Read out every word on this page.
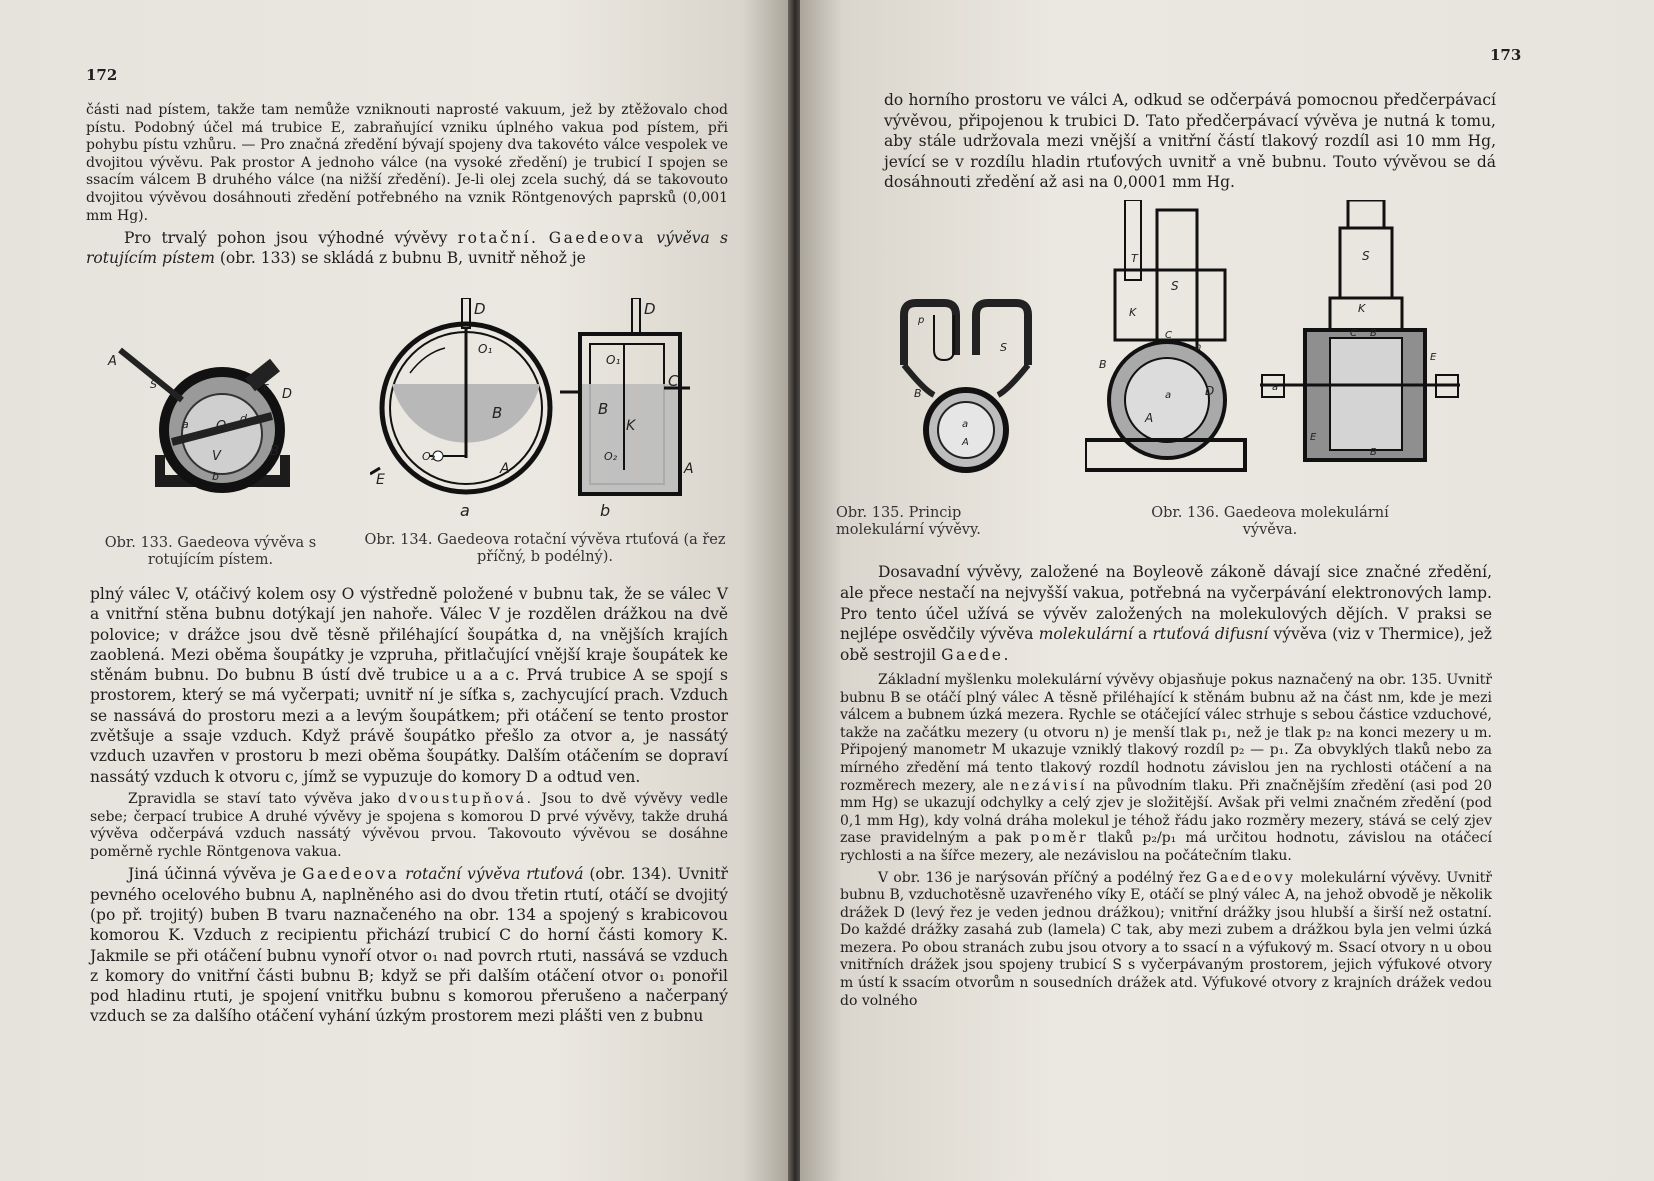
172

části nad pístem, takže tam nemůže vzniknouti naprosté vakuum, jež by ztěžovalo chod pístu. Podobný účel má trubice E, zabraňující vzniku úplného vakua pod pístem, při pohybu pístu vzhůru. — Pro značná zředění bývají spojeny dva takovéto válce vespolek ve dvojitou vývěvu. Pak prostor A jednoho válce (na vysoké zředění) je trubicí I spojen se ssacím válcem B druhého válce (na nižší zředění). Je-li olej zcela suchý, dá se takovouto dvojitou vývěvou dosáhnouti zředění potřebného na vznik Röntgenových paprsků (0,001 mm Hg).

Pro trvalý pohon jsou výhodné vývěvy rotační. Gaedeova vývěva s rotujícím pístem (obr. 133) se skládá z bubnu B, uvnitř něhož je

A
S
a O
d
V
D
B
b
c
D
O₁
B
O₂
E
A
a
D
O₁
B
K
C
O₂
A
b
Obr. 133. Gaedeova vývěva s rotujícím pístem.
Obr. 134. Gaedeova rotační vývěva rtuťová (a řez příčný, b podélný).

plný válec V, otáčivý kolem osy O výstředně položené v bubnu tak, že se válec V a vnitřní stěna bubnu dotýkají jen nahoře. Válec V je rozdělen drážkou na dvě polovice; v drážce jsou dvě těsně přiléhající šoupátka d, na vnějších krajích zaoblená. Mezi oběma šoupátky je vzpruha, přitlačující vnější kraje šoupátek ke stěnám bubnu. Do bubnu B ústí dvě trubice u a a c. Prvá trubice A se spojí s prostorem, který se má vyčerpati; uvnitř ní je síťka s, zachycující prach. Vzduch se nassává do prostoru mezi a a levým šoupátkem; při otáčení se tento prostor zvětšuje a ssaje vzduch. Když právě šoupátko přešlo za otvor a, je nassátý vzduch uzavřen v prostoru b mezi oběma šoupátky. Dalším otáčením se dopraví nassátý vzduch k otvoru c, jímž se vypuzuje do komory D a odtud ven.

Zpravidla se staví tato vývěva jako dvoustupňová. Jsou to dvě vývěvy vedle sebe; čerpací trubice A druhé vývěvy je spojena s komorou D prvé vývěvy, takže druhá vývěva odčerpává vzduch nassátý vývěvou prvou. Takovouto vývěvou se dosáhne poměrně rychle Röntgenova vakua.

Jiná účinná vývěva je Gaedeova rotační vývěva rtuťová (obr. 134). Uvnitř pevného ocelového bubnu A, naplněného asi do dvou třetin rtutí, otáčí se dvojitý (po př. trojitý) buben B tvaru naznačeného na obr. 134 a spojený s krabicovou komorou K. Vzduch z recipientu přichází trubicí C do horní části komory K. Jakmile se při otáčení bubnu vynoří otvor o₁ nad povrch rtuti, nassává se vzduch z komory do vnitřní části bubnu B; když se při dalším otáčení otvor o₁ ponořil pod hladinu rtuti, je spojení vnitřku bubnu s komorou přerušeno a načerpaný vzduch se za dalšího otáčení vyhání úzkým prostorem mezi plášti ven z bubnu

173

do horního prostoru ve válci A, odkud se odčerpává pomocnou předčerpávací vývěvou, připojenou k trubici D. Tato předčerpávací vývěva je nutná k tomu, aby stále udržovala mezi vnější a vnitřní částí tlakový rozdíl asi 10 mm Hg, jevící se v rozdílu hladin rtuťových uvnitř a vně bubnu. Touto vývěvou se dá dosáhnouti zředění až asi na 0,0001 mm Hg.

M
p
S
B
a
A
T
S
K
C
n
B
a
A
D
S
K
C B
a
E
E
B
Obr. 135. Princip molekulární vývěvy.
Obr. 136. Gaedeova molekulární vývěva.

Dosavadní vývěvy, založené na Boyleově zákoně dávají sice značné zředění, ale přece nestačí na nejvyšší vakua, potřebná na vyčerpávání elektronových lamp. Pro tento účel užívá se vývěv založených na molekulových dějích. V praksi se nejlépe osvědčily vývěva molekulární a rtuťová difusní vývěva (viz v Thermice), jež obě sestrojil Gaede.

Základní myšlenku molekulární vývěvy objasňuje pokus naznačený na obr. 135. Uvnitř bubnu B se otáčí plný válec A těsně přiléhající k stěnám bubnu až na část nm, kde je mezi válcem a bubnem úzká mezera. Rychle se otáčející válec strhuje s sebou částice vzduchové, takže na začátku mezery (u otvoru n) je menší tlak p₁, než je tlak p₂ na konci mezery u m. Připojený manometr M ukazuje vzniklý tlakový rozdíl p₂ — p₁. Za obvyklých tlaků nebo za mírného zředění má tento tlakový rozdíl hodnotu závislou jen na rychlosti otáčení a na rozměrech mezery, ale nezávisí na původním tlaku. Při značnějším zředění (asi pod 20 mm Hg) se ukazují odchylky a celý zjev je složitější. Avšak při velmi značném zředění (pod 0,1 mm Hg), kdy volná dráha molekul je téhož řádu jako rozměry mezery, stává se celý zjev zase pravidelným a pak poměr tlaků p₂/p₁ má určitou hodnotu, závislou na otáčecí rychlosti a na šířce mezery, ale nezávislou na počátečním tlaku.

V obr. 136 je narýsován příčný a podélný řez Gaedeovy molekulární vývěvy. Uvnitř bubnu B, vzduchotěsně uzavřeného víky E, otáčí se plný válec A, na jehož obvodě je několik drážek D (levý řez je veden jednou drážkou); vnitřní drážky jsou hlubší a širší než ostatní. Do každé drážky zasahá zub (lamela) C tak, aby mezi zubem a drážkou byla jen velmi úzká mezera. Po obou stranách zubu jsou otvory a to ssací n a výfukový m. Ssací otvory n u obou vnitřních drážek jsou spojeny trubicí S s vyčerpávaným prostorem, jejich výfukové otvory m ústí k ssacím otvorům n sousedních drážek atd. Výfukové otvory z krajních drážek vedou do volného
